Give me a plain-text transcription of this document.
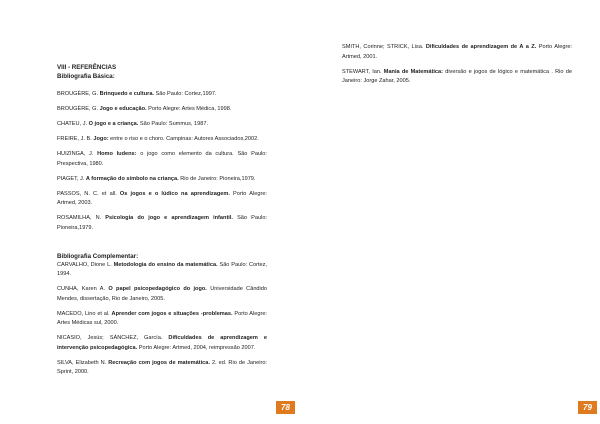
VIII - REFERÊNCIAS

Bibliografia Básica:

BROUGÈRE, G. Brinquedo e cultura. São Paulo: Cortez,1997.

BROUGÈRE, G. Jogo e educação. Porto Alegre: Artes Médica, 1998.

CHATEU, J. O jogo e a criança. São Paulo: Summus, 1987.

FREIRE, J. B. Jogo: entre o riso e o choro. Campinas: Autores Associados,2002.

HUIZINGA, J. Homo ludens: o jogo como elemento da cultura. São Paulo: Prespectiva, 1980.

PIAGET, J. A formação do símbolo na criança. Rio de Janeiro: Pioneira,1979.

PASSOS, N. C. et all. Os jogos e o lúdico na aprendizagem. Porto Alegre: Artmed, 2003.

ROSAMILHA, N. Psicologia do jogo e aprendizagem infantil. São Paulo: Pioneira,1979.

Bibliografia Complementar:

CARVALHO, Dione L. Metodologia do ensino da matemática. São Paulo: Cortez, 1994.

CUNHA, Karen A. O papel psicopedagógico do jogo. Universidade Cândido Mendes, dissertação, Rio de Janeiro, 2005.

MACEDO, Lino et al. Aprender com jogos e situações -problemas. Porto Alegre: Artes Médicas sul, 2000.

NICASIO, Jesús; SÁNCHEZ, García. Dificuldades de aprendizagem e intervenção psicopedagógica. Porto Alegre: Artmed, 2004, reimpressão 2007.

SILVA, Elizabeth N. Recreação com jogos de matemática. 2. ed. Rio de Janeiro: Sprint, 2000.

78

SMITH, Corinne; STRICK, Lisa. Dificuldades de aprendizagem de A a Z. Porto Alegre: Artmed, 2001.

STEWART, Ian. Mania de Matemática: diversão e jogos de lógico e matemática . Rio de Janeiro: Jorge Zahar, 2005.

79
